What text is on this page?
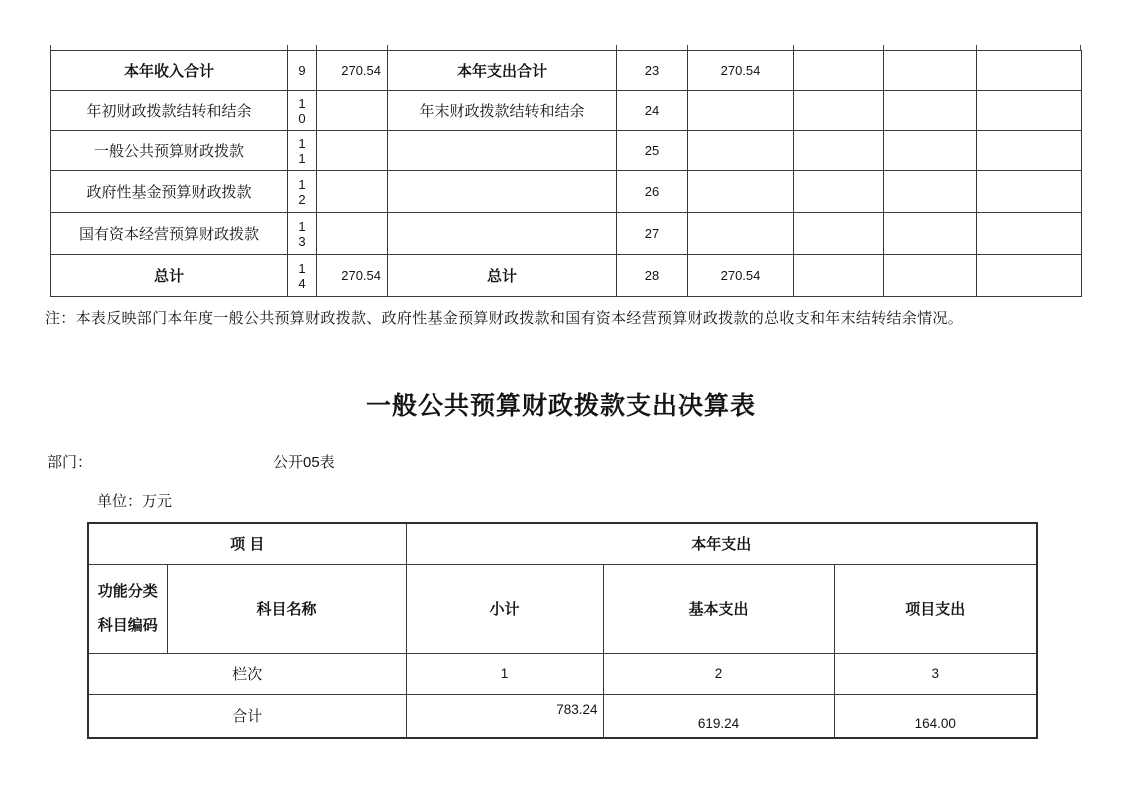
本年收入合计	9	270.54	本年支出合计	23	270.54			
年初财政拨款结转和结余	10		年末财政拨款结转和结余	24				
一般公共预算财政拨款	11			25				
政府性基金预算财政拨款	12			26				
国有资本经营预算财政拨款	13			27				
总计	14	270.54	总计	28	270.54			
注：本表反映部门本年度一般公共预算财政拨款、政府性基金预算财政拨款和国有资本经营预算财政拨款的总收支和年末结转结余情况。
一般公共预算财政拨款支出决算表
部门：	公开05表
单位：万元
项 目		本年支出		
功能分类科目编码	科目名称	小计	基本支出	项目支出
栏次		1	2	3
合计		783.24	619.24	164.00
